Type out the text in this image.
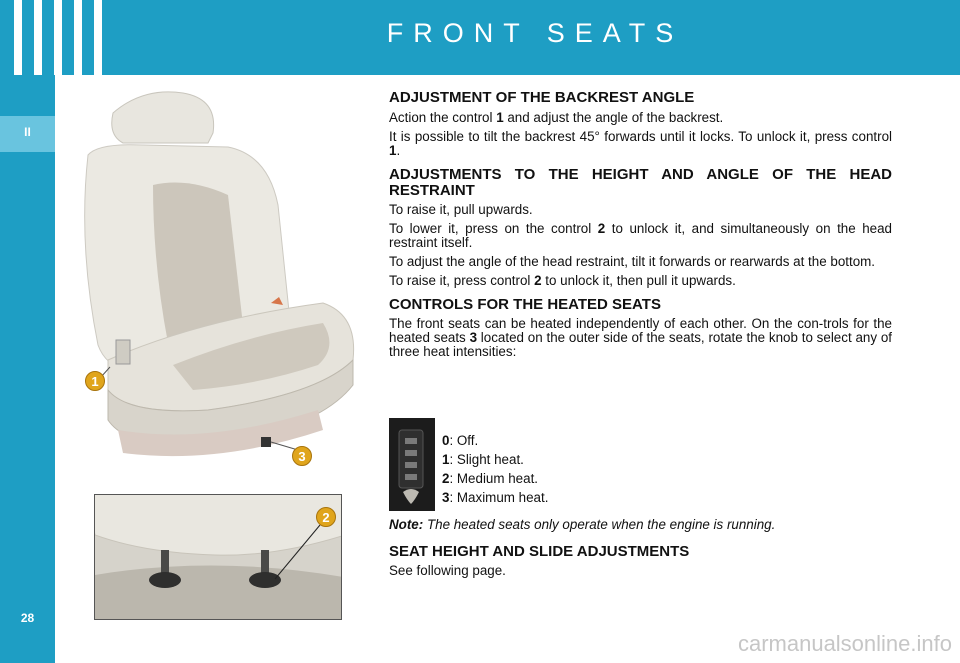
FRONT SEATS
II
28
1
3
2
ADJUSTMENT OF THE BACKREST ANGLE

Action the control 1 and adjust the angle of the backrest.

It is possible to tilt the backrest 45° forwards until it locks. To unlock it, press control 1.

ADJUSTMENTS TO THE HEIGHT AND ANGLE OF THE HEAD RESTRAINT

To raise it, pull upwards.

To lower it, press on the control 2 to unlock it, and simultaneously on the head restraint itself.

To adjust the angle of the head restraint, tilt it forwards or rearwards at the bottom.

To raise it, press control 2 to unlock it, then pull it upwards.

CONTROLS FOR THE HEATED SEATS

The front seats can be heated independently of each other. On the con-trols for the heated seats 3 located on the outer side of the seats, rotate the knob to select any of three heat intensities:

0: Off.
1: Slight heat.
2: Medium heat.
3: Maximum heat.

Note: The heated seats only operate when the engine is running.

SEAT HEIGHT AND SLIDE ADJUSTMENTS

See following page.

carmanualsonline.info
